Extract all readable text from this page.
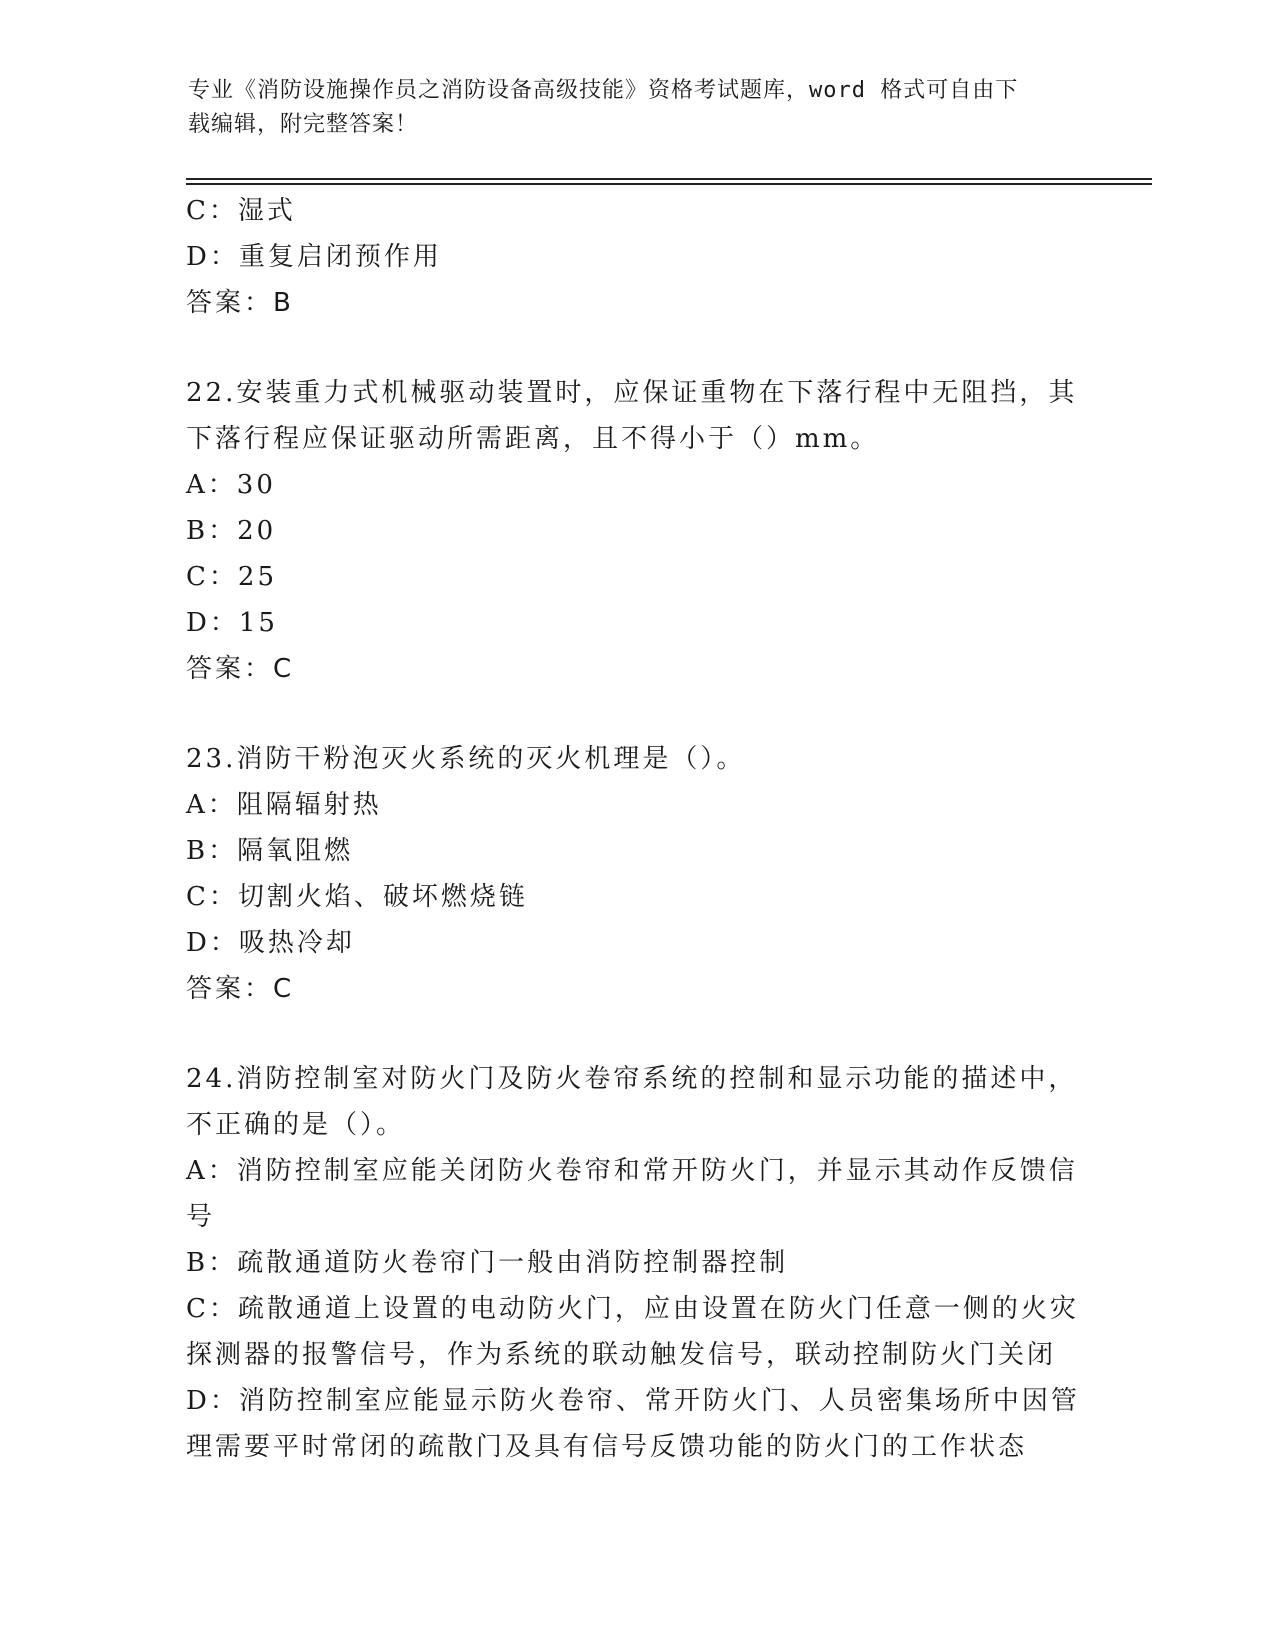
专业《消防设施操作员之消防设备高级技能》资格考试题库，word 格式可自由下
载编辑，附完整答案！
C：湿式
D：重复启闭预作用
答案：B
22.安装重力式机械驱动装置时，应保证重物在下落行程中无阻挡，其
下落行程应保证驱动所需距离，且不得小于（）mm。
A：30
B：20
C：25
D：15
答案：C
23.消防干粉泡灭火系统的灭火机理是（）。
A：阻隔辐射热
B：隔氧阻燃
C：切割火焰、破坏燃烧链
D：吸热冷却
答案：C
24.消防控制室对防火门及防火卷帘系统的控制和显示功能的描述中，
不正确的是（）。
A：消防控制室应能关闭防火卷帘和常开防火门，并显示其动作反馈信
号
B：疏散通道防火卷帘门一般由消防控制器控制
C：疏散通道上设置的电动防火门，应由设置在防火门任意一侧的火灾
探测器的报警信号，作为系统的联动触发信号，联动控制防火门关闭
D：消防控制室应能显示防火卷帘、常开防火门、人员密集场所中因管
理需要平时常闭的疏散门及具有信号反馈功能的防火门的工作状态
